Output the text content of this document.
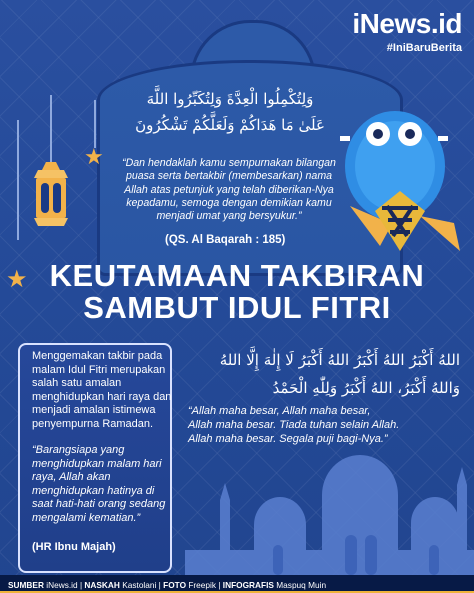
iNews.id
#IniBaruBerita
★
★
وَلِتُكْمِلُوا الْعِدَّةَ وَلِتُكَبِّرُوا اللَّهَ
عَلَىٰ مَا هَدَاكُمْ وَلَعَلَّكُمْ تَشْكُرُونَ
“Dan hendaklah kamu sempurnakan bilangan puasa serta bertakbir (membesarkan) nama Allah atas petunjuk yang telah diberikan-Nya kepadamu, semoga dengan demikian kamu menjadi umat yang bersyukur.”
(QS. Al Baqarah : 185)
KEUTAMAAN TAKBIRAN
SAMBUT IDUL FITRI
Menggemakan takbir pada malam Idul Fitri merupakan salah satu amalan menghidupkan hari raya dan menjadi amalan istimewa penyempurna Ramadan.
“Barangsiapa yang menghidupkan malam hari raya, Allah akan menghidupkan hatinya di saat hati-hati orang sedang mengalami kematian.”
(HR Ibnu Majah)
اللهُ أَكْبَرُ اللهُ أَكْبَرُ اللهُ أَكْبَرُ لَا إِلٰهَ إِلَّا اللهُ
وَاللهُ أَكْبَرُ، اللهُ أَكْبَرُ وَلِلّٰهِ الْحَمْدُ
“Allah maha besar, Allah maha besar,
Allah maha besar. Tiada tuhan selain Allah.
Allah maha besar. Segala puji bagi-Nya.”
SUMBER iNews.id | NASKAH Kastolani | FOTO Freepik | INFOGRAFIS Maspuq Muin
